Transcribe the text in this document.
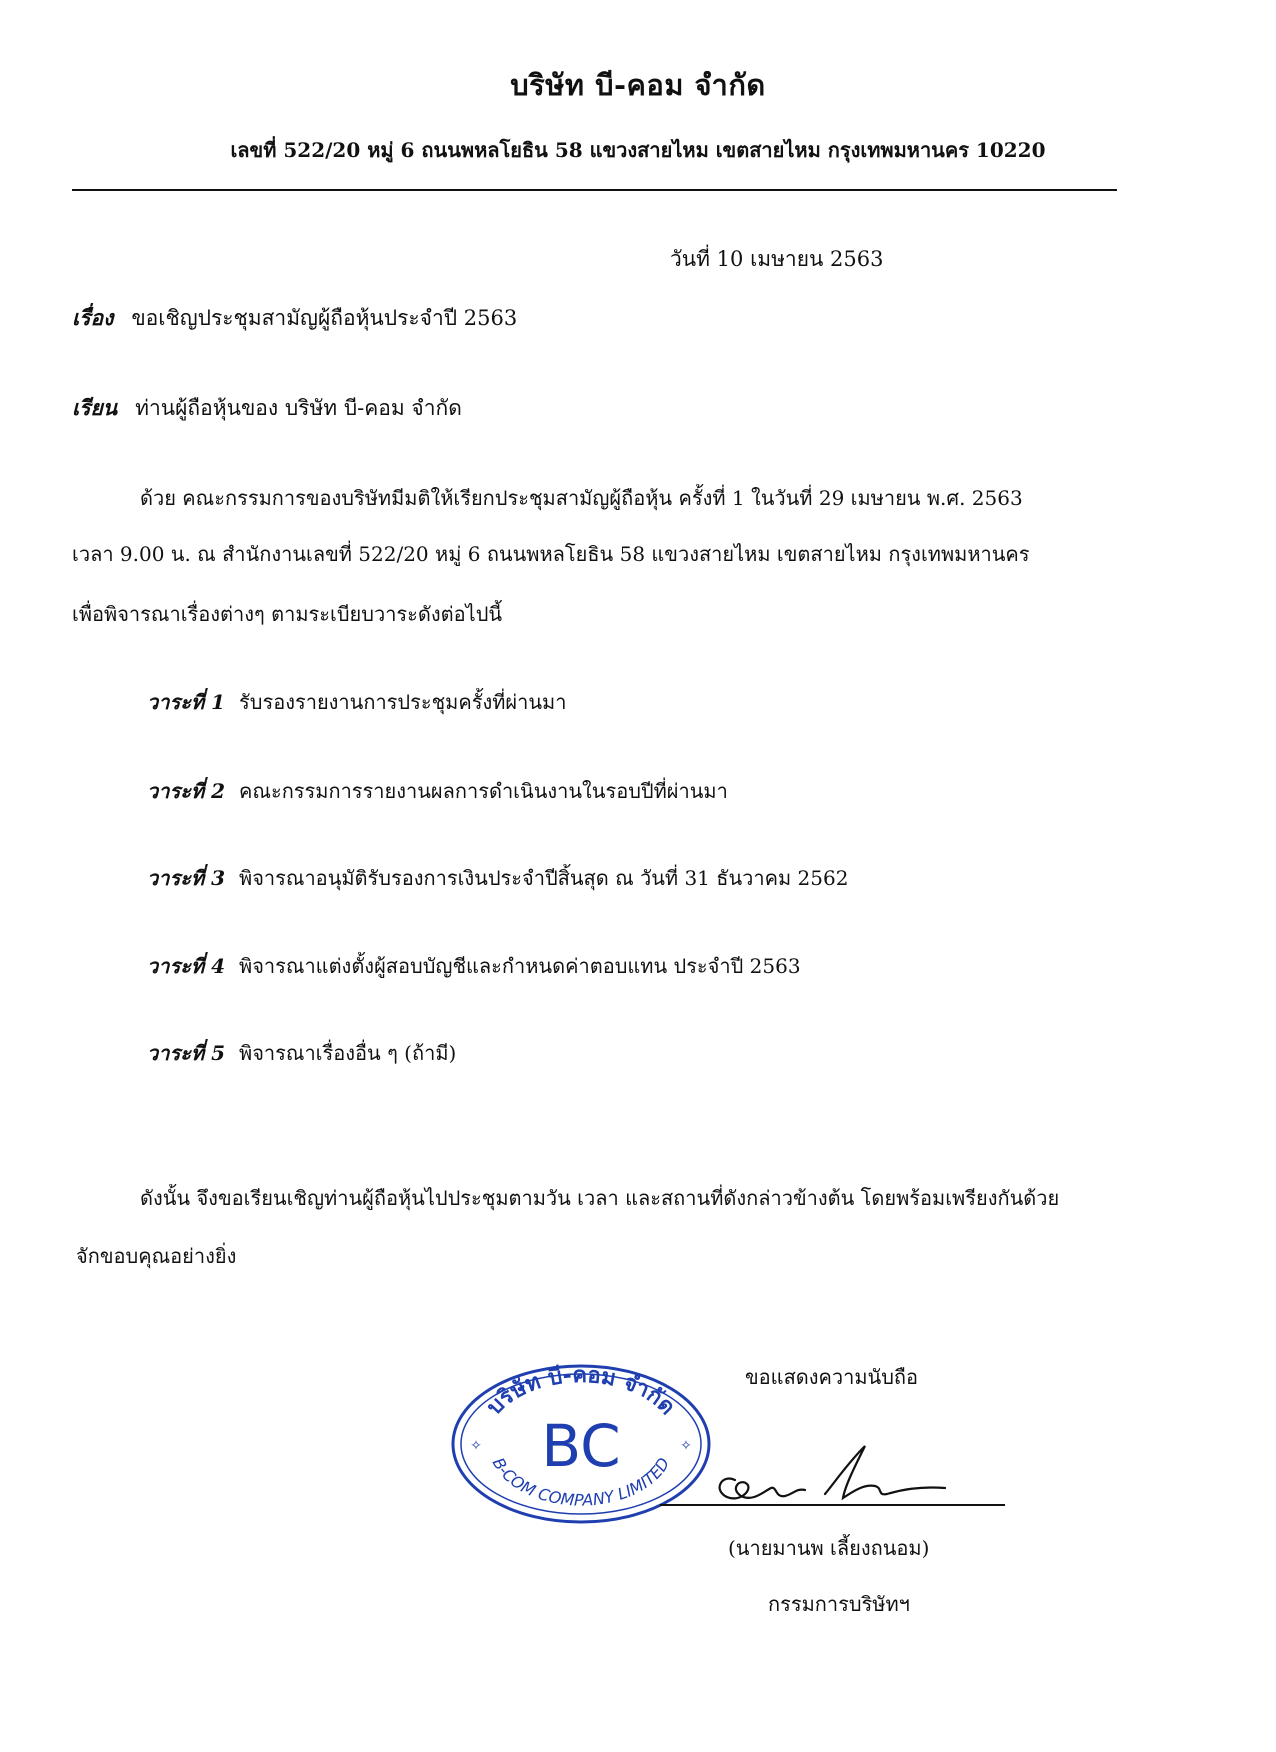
บริษัท บี-คอม จำกัด
เลขที่ 522/20 หมู่ 6 ถนนพหลโยธิน 58 แขวงสายไหม เขตสายไหม กรุงเทพมหานคร 10220
วันที่ 10 เมษายน 2563
เรื่อง ขอเชิญประชุมสามัญผู้ถือหุ้นประจำปี 2563
เรียน ท่านผู้ถือหุ้นของ บริษัท บี-คอม จำกัด
ด้วย คณะกรรมการของบริษัทมีมติให้เรียกประชุมสามัญผู้ถือหุ้น ครั้งที่ 1 ในวันที่ 29 เมษายน พ.ศ. 2563
เวลา 9.00 น. ณ สำนักงานเลขที่ 522/20 หมู่ 6 ถนนพหลโยธิน 58 แขวงสายไหม เขตสายไหม กรุงเทพมหานคร
เพื่อพิจารณาเรื่องต่างๆ ตามระเบียบวาระดังต่อไปนี้
วาระที่ 1 รับรองรายงานการประชุมครั้งที่ผ่านมา
วาระที่ 2 คณะกรรมการรายงานผลการดำเนินงานในรอบปีที่ผ่านมา
วาระที่ 3 พิจารณาอนุมัติรับรองการเงินประจำปีสิ้นสุด ณ วันที่ 31 ธันวาคม 2562
วาระที่ 4 พิจารณาแต่งตั้งผู้สอบบัญชีและกำหนดค่าตอบแทน ประจำปี 2563
วาระที่ 5 พิจารณาเรื่องอื่น ๆ (ถ้ามี)
ดังนั้น จึงขอเรียนเชิญท่านผู้ถือหุ้นไปประชุมตามวัน เวลา และสถานที่ดังกล่าวข้างต้น โดยพร้อมเพรียงกันด้วย
จักขอบคุณอย่างยิ่ง
ขอแสดงความนับถือ
บริษัท บี-คอม จำกัด
BC
B-COM COMPANY LIMITED
✧	✧
(นายมานพ เลี้ยงถนอม)
กรรมการบริษัทฯ
